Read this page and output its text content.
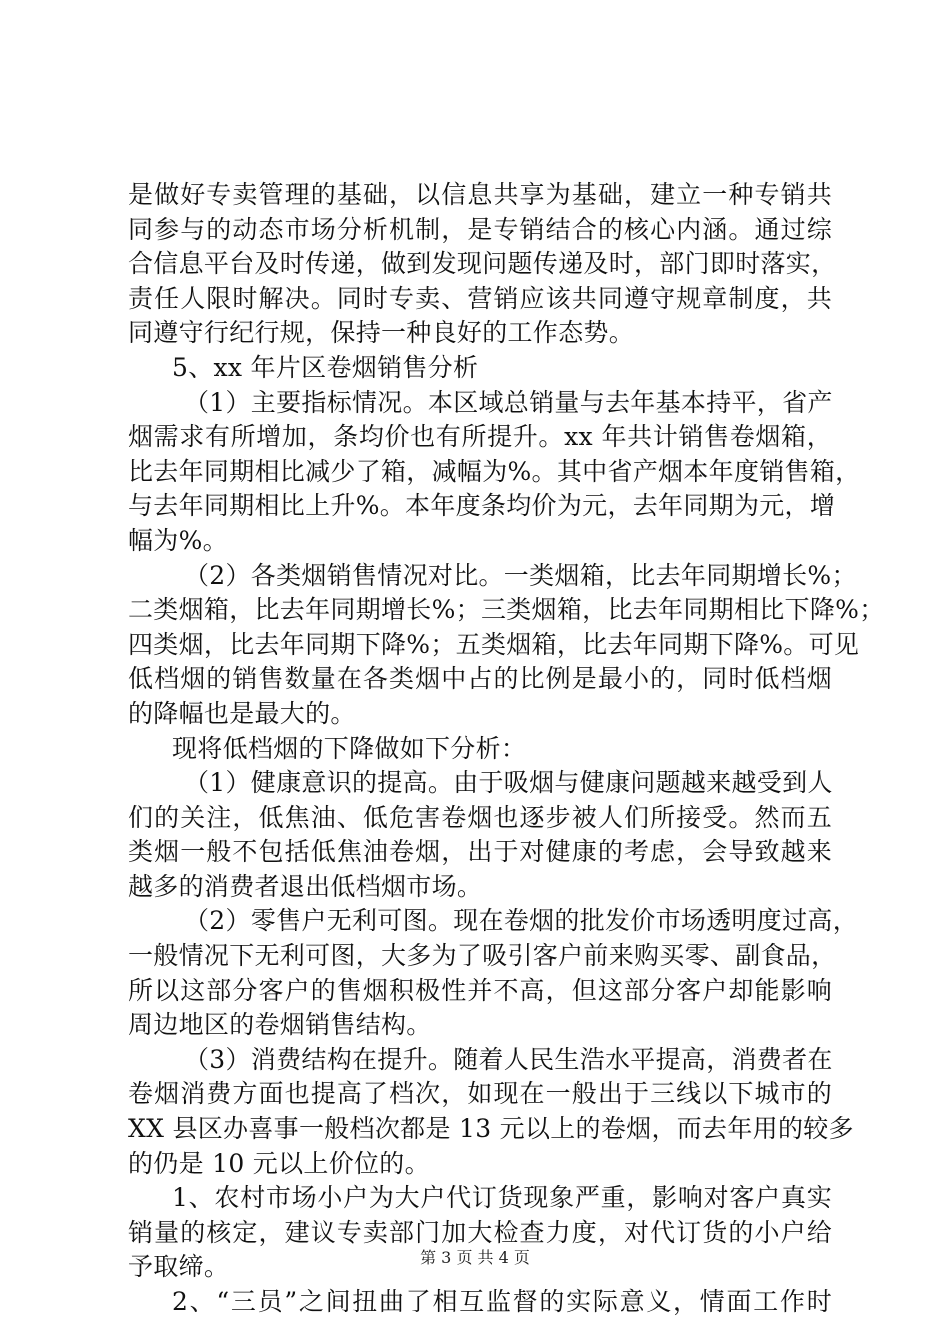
是做好专卖管理的基础，以信息共享为基础，建立一种专销共
同参与的动态市场分析机制，是专销结合的核心内涵。通过综
合信息平台及时传递，做到发现问题传递及时，部门即时落实，
责任人限时解决。同时专卖、营销应该共同遵守规章制度，共
同遵守行纪行规，保持一种良好的工作态势。
5、xx 年片区卷烟销售分析
（1）主要指标情况。本区域总销量与去年基本持平，省产
烟需求有所增加，条均价也有所提升。xx 年共计销售卷烟箱，
比去年同期相比减少了箱，减幅为%。其中省产烟本年度销售箱，
与去年同期相比上升%。本年度条均价为元，去年同期为元，增
幅为%。
（2）各类烟销售情况对比。一类烟箱，比去年同期增长%；
二类烟箱，比去年同期增长%；三类烟箱，比去年同期相比下降%；
四类烟，比去年同期下降%；五类烟箱，比去年同期下降%。可见
低档烟的销售数量在各类烟中占的比例是最小的，同时低档烟
的降幅也是最大的。
现将低档烟的下降做如下分析：
（1）健康意识的提高。由于吸烟与健康问题越来越受到人
们的关注，低焦油、低危害卷烟也逐步被人们所接受。然而五
类烟一般不包括低焦油卷烟，出于对健康的考虑，会导致越来
越多的消费者退出低档烟市场。
（2）零售户无利可图。现在卷烟的批发价市场透明度过高，
一般情况下无利可图，大多为了吸引客户前来购买零、副食品，
所以这部分客户的售烟积极性并不高，但这部分客户却能影响
周边地区的卷烟销售结构。
（3）消费结构在提升。随着人民生浩水平提高，消费者在
卷烟消费方面也提高了档次，如现在一般出于三线以下城市的
XX 县区办喜事一般档次都是 13 元以上的卷烟，而去年用的较多
的仍是 10 元以上价位的。
1、农村市场小户为大户代订货现象严重，影响对客户真实
销量的核定，建议专卖部门加大检查力度，对代订货的小户给
予取缔。
2、“三员”之间扭曲了相互监督的实际意义，情面工作时
第 3 页 共 4 页
